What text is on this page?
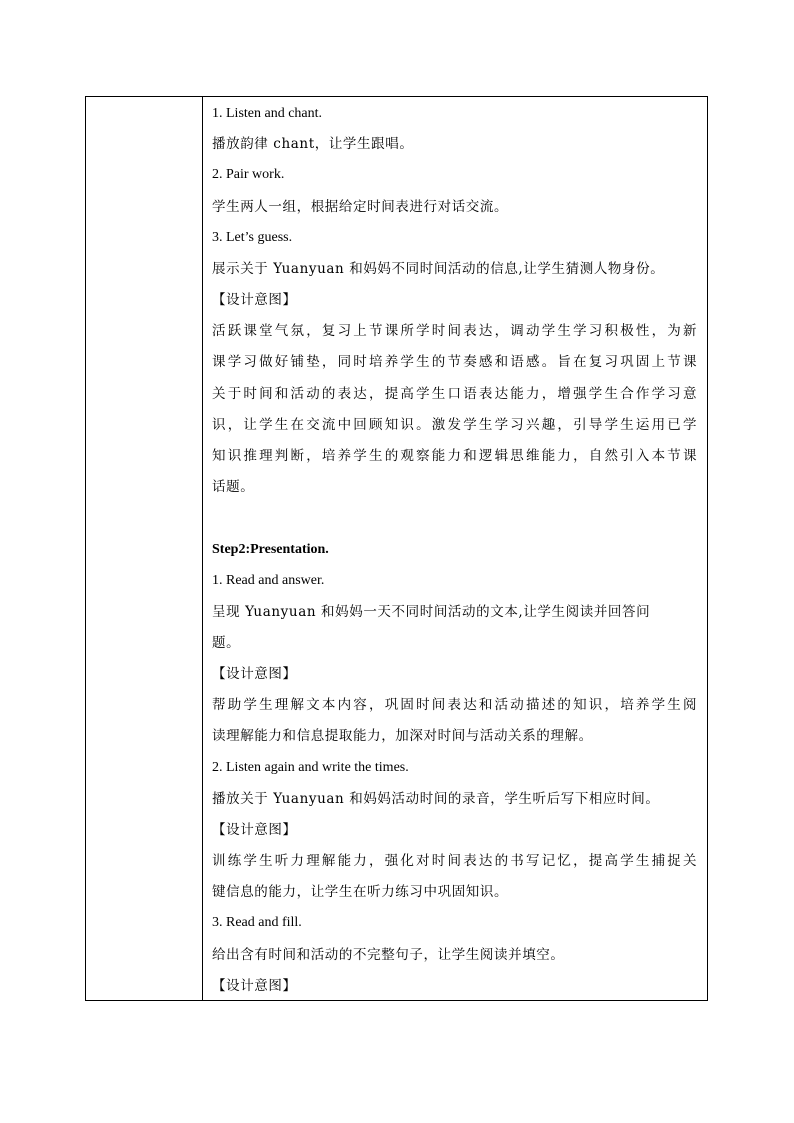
1. Listen and chant.
播放韵律 chant，让学生跟唱。
2. Pair work.
学生两人一组，根据给定时间表进行对话交流。
3. Let’s guess.
展示关于 Yuanyuan 和妈妈不同时间活动的信息,让学生猜测人物身份。
【设计意图】
活跃课堂气氛，复习上节课所学时间表达，调动学生学习积极性，为新
课学习做好铺垫，同时培养学生的节奏感和语感。旨在复习巩固上节课
关于时间和活动的表达，提高学生口语表达能力，增强学生合作学习意
识，让学生在交流中回顾知识。激发学生学习兴趣，引导学生运用已学
知识推理判断，培养学生的观察能力和逻辑思维能力，自然引入本节课
话题。
Step2:Presentation.
1. Read and answer.
呈现 Yuanyuan 和妈妈一天不同时间活动的文本,让学生阅读并回答问
题。
【设计意图】
帮助学生理解文本内容，巩固时间表达和活动描述的知识，培养学生阅
读理解能力和信息提取能力，加深对时间与活动关系的理解。
2. Listen again and write the times.
播放关于 Yuanyuan 和妈妈活动时间的录音，学生听后写下相应时间。
【设计意图】
训练学生听力理解能力，强化对时间表达的书写记忆，提高学生捕捉关
键信息的能力，让学生在听力练习中巩固知识。
3. Read and fill.
给出含有时间和活动的不完整句子，让学生阅读并填空。
【设计意图】
